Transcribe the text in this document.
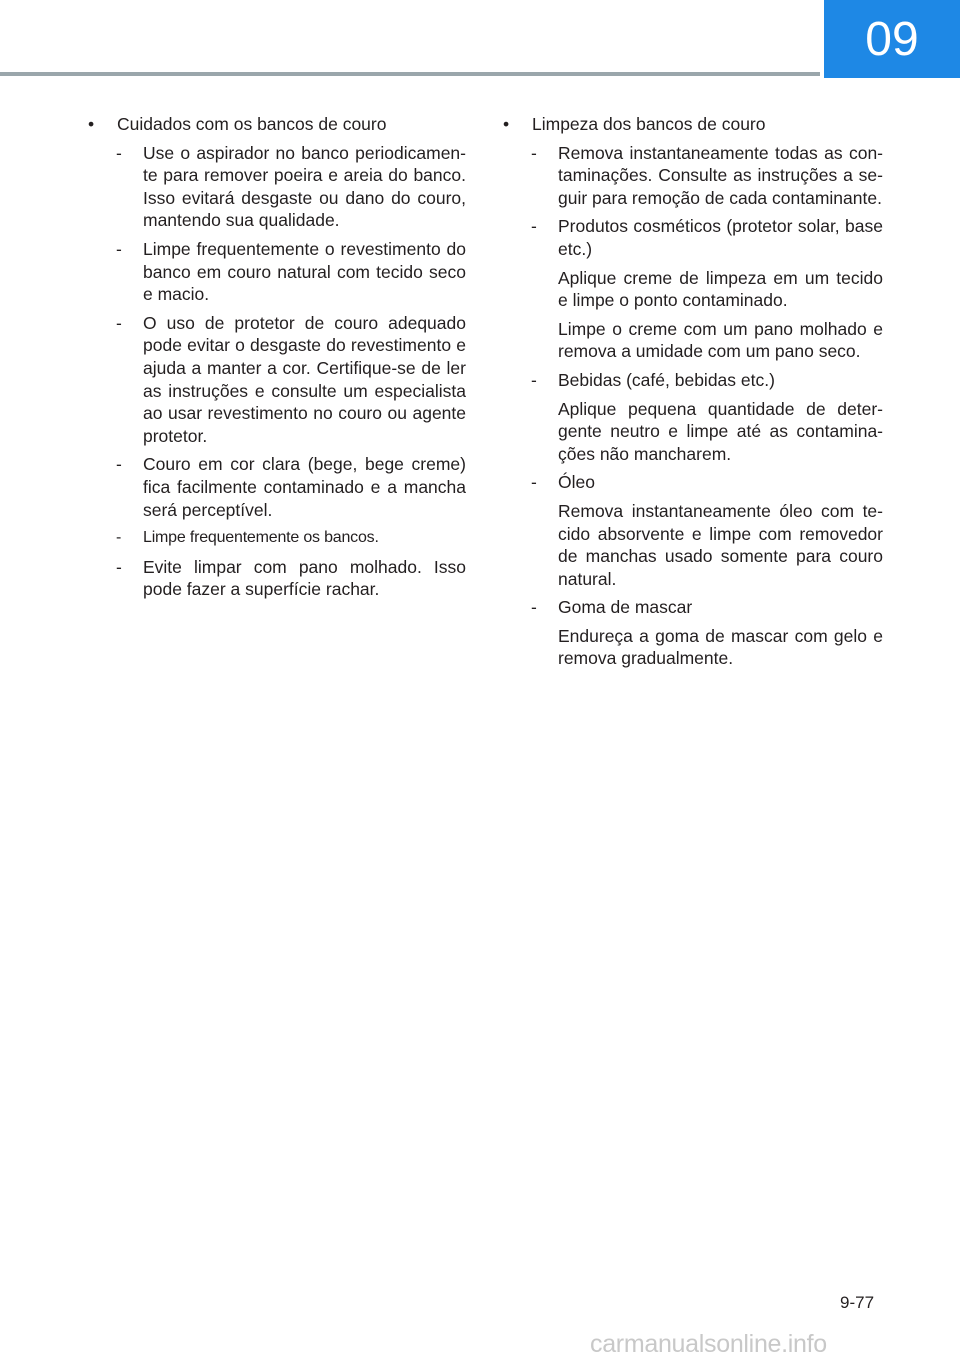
09
• Cuidados com os bancos de couro
- Use o aspirador no banco periodicamen- te para remover poeira e areia do banco. Isso evitará desgaste ou dano do couro, mantendo sua qualidade.

- Limpe frequentemente o revestimento do banco em couro natural com tecido seco e macio.

- O uso de protetor de couro adequado pode evitar o desgaste do revestimento e ajuda a manter a cor. Certifique-se de ler as instruções e consulte um especialista ao usar revestimento no couro ou agente protetor.

- Couro em cor clara (bege, bege creme) fica facilmente contaminado e a mancha será perceptível.

- Limpe frequentemente os bancos.

- Evite limpar com pano molhado. Isso pode fazer a superfície rachar.

• Limpeza dos bancos de couro
- Remova instantaneamente todas as con- taminações. Consulte as instruções a se- guir para remoção de cada contaminante.

- Produtos cosméticos (protetor solar, base etc.)

Aplique creme de limpeza em um tecido e limpe o ponto contaminado.

Limpe o creme com um pano molhado e remova a umidade com um pano seco.

- Bebidas (café, bebidas etc.)

Aplique pequena quantidade de deter- gente neutro e limpe até as contamina- ções não mancharem.

- Óleo

Remova instantaneamente óleo com te- cido absorvente e limpe com removedor de manchas usado somente para couro natural.

- Goma de mascar

Endureça a goma de mascar com gelo e remova gradualmente.

9-77
carmanualsonline.info
